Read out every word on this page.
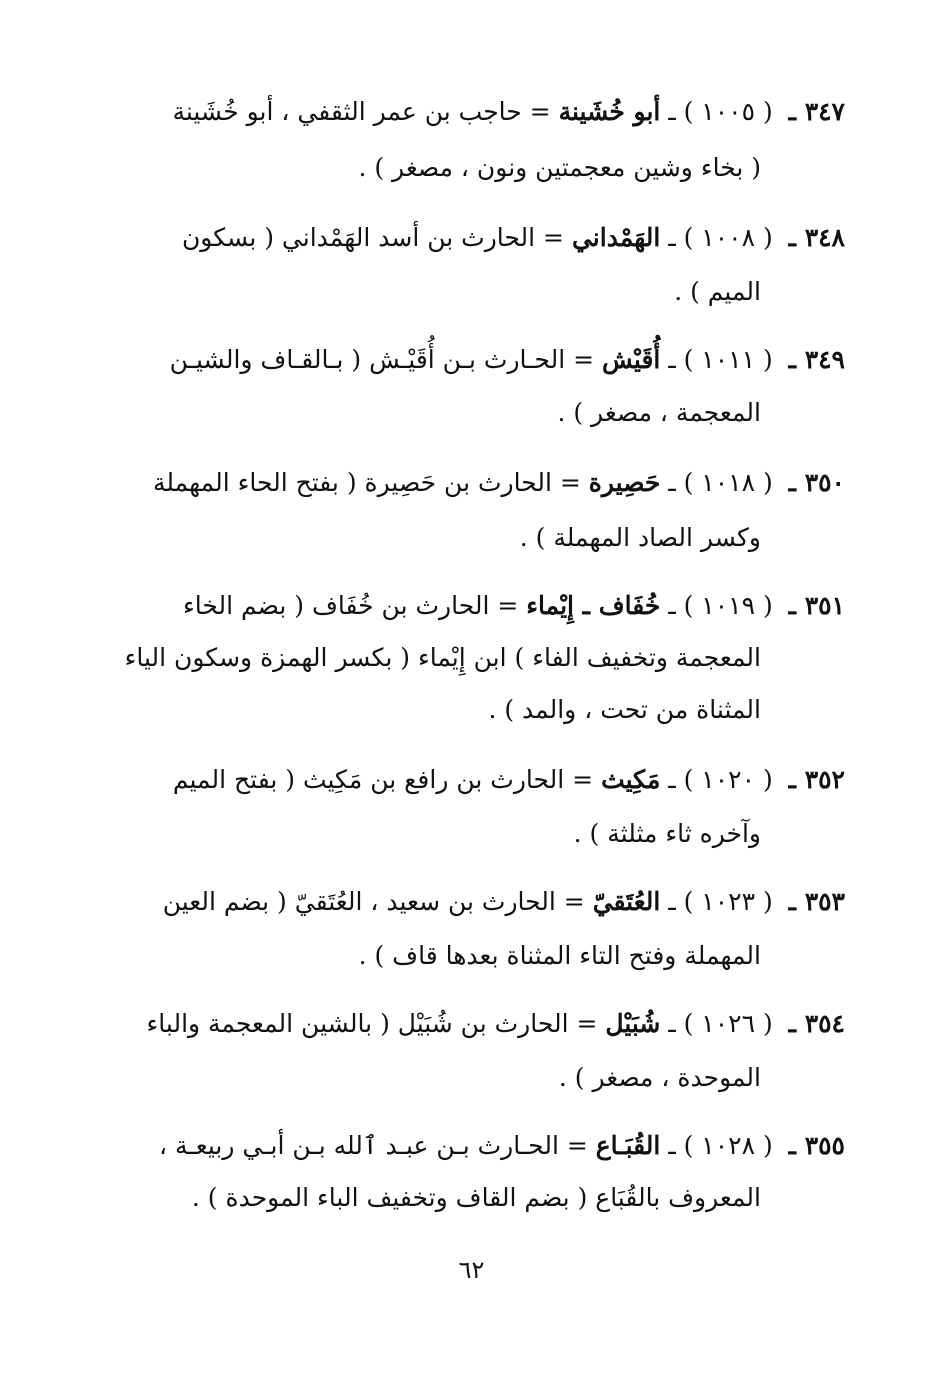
٣٤٧ ـ ( ١٠٠٥ ) ـ أبو خُشَينة = حاجب بن عمر الثقفي ، أبو خُشَينة
( بخاء وشين معجمتين ونون ، مصغر ) .
٣٤٨ ـ ( ١٠٠٨ ) ـ الهَمْداني = الحارث بن أسد الهَمْداني ( بسكون
الميم ) .
٣٤٩ ـ ( ١٠١١ ) ـ أُقَيْش = الحـارث بـن أُقَيْـش ( بـالقـاف والشيـن
المعجمة ، مصغر ) .
٣٥٠ ـ ( ١٠١٨ ) ـ حَصِيرة = الحارث بن حَصِيرة ( بفتح الحاء المهملة
وكسر الصاد المهملة ) .
٣٥١ ـ ( ١٠١٩ ) ـ خُفَاف ـ إِيْماء = الحارث بن خُفَاف ( بضم الخاء
المعجمة وتخفيف الفاء ) ابن إِيْماء ( بكسر الهمزة وسكون الياء
المثناة من تحت ، والمد ) .
٣٥٢ ـ ( ١٠٢٠ ) ـ مَكِيث = الحارث بن رافع بن مَكِيث ( بفتح الميم
وآخره ثاء مثلثة ) .
٣٥٣ ـ ( ١٠٢٣ ) ـ العُتَقيّ = الحارث بن سعيد ، العُتَقيّ ( بضم العين
المهملة وفتح التاء المثناة بعدها قاف ) .
٣٥٤ ـ ( ١٠٢٦ ) ـ شُبَيْل = الحارث بن شُبَيْل ( بالشين المعجمة والباء
الموحدة ، مصغر ) .
٣٥٥ ـ ( ١٠٢٨ ) ـ القُبَـاع = الحـارث بـن عبـد ٱلله بـن أبـي ربيعـة ،
المعروف بالقُبَاع ( بضم القاف وتخفيف الباء الموحدة ) .
٦٢
